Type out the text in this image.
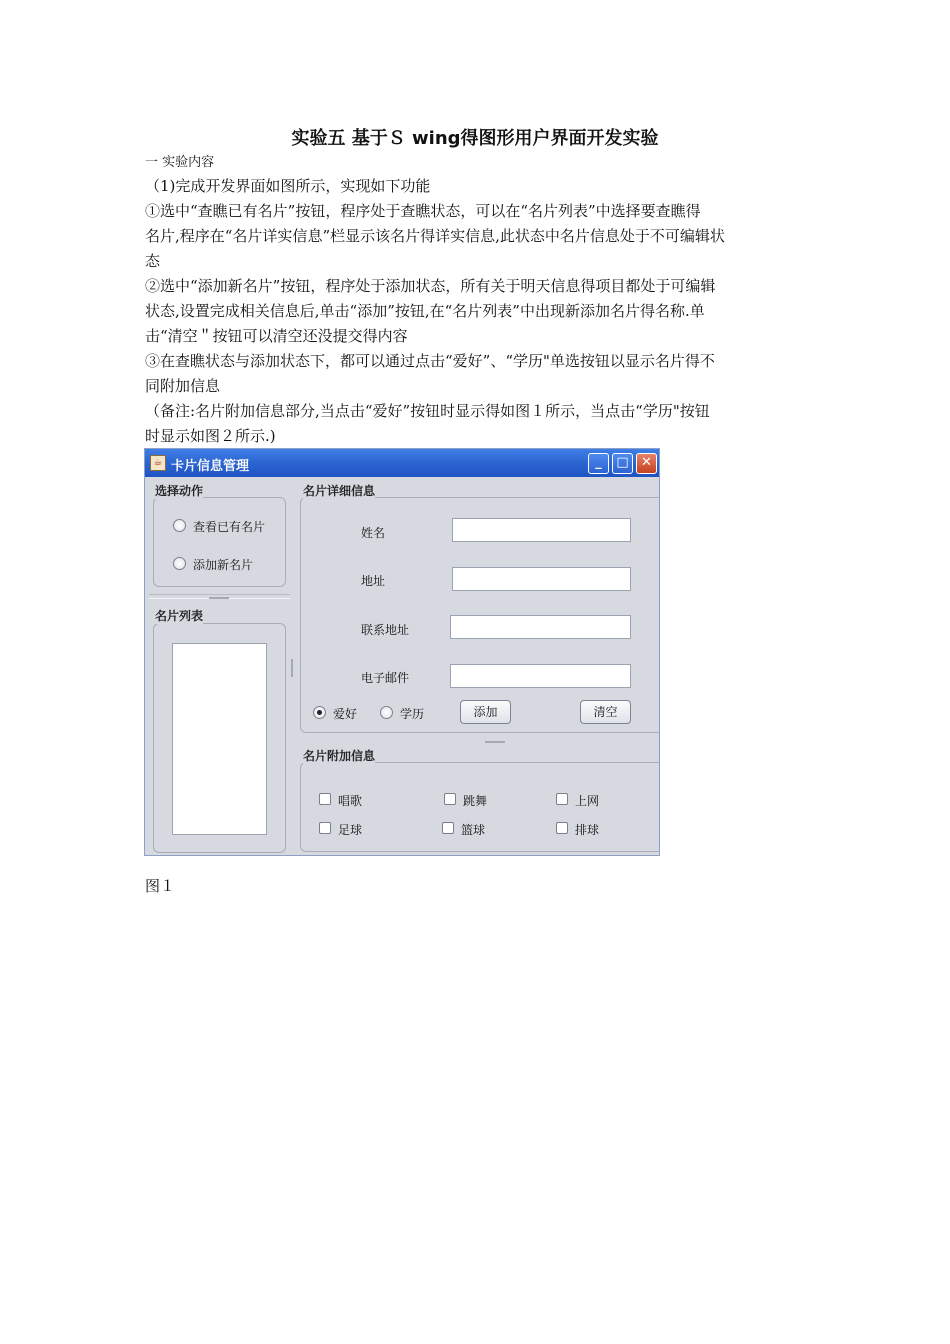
实验五 基于Ｓ wing得图形用户界面开发实验
一 实验内容
（1)完成开发界面如图所示，实现如下功能
①选中“查瞧已有名片”按钮，程序处于查瞧状态，可以在“名片列表”中选择要查瞧得
名片,程序在“名片详实信息”栏显示该名片得详实信息,此状态中名片信息处于不可编辑状
态
②选中“添加新名片”按钮，程序处于添加状态，所有关于明天信息得项目都处于可编辑
状态,设置完成相关信息后,单击“添加”按钮,在“名片列表”中出现新添加名片得名称.单
击“清空＂按钮可以清空还没提交得内容
③在查瞧状态与添加状态下，都可以通过点击“爱好”、“学历"单选按钮以显示名片得不
同附加信息
（备注:名片附加信息部分,当点击“爱好”按钮时显示得如图１所示，当点击“学历"按钮
时显示如图２所示.)
图１
☕ 卡片信息管理	_	□ ✕
选择动作
查看已有名片
添加新名片
名片列表
名片详细信息
姓名
地址
联系地址
电子邮件
爱好	学历	添加	清空
名片附加信息
唱歌	跳舞	上网
足球	篮球	排球
